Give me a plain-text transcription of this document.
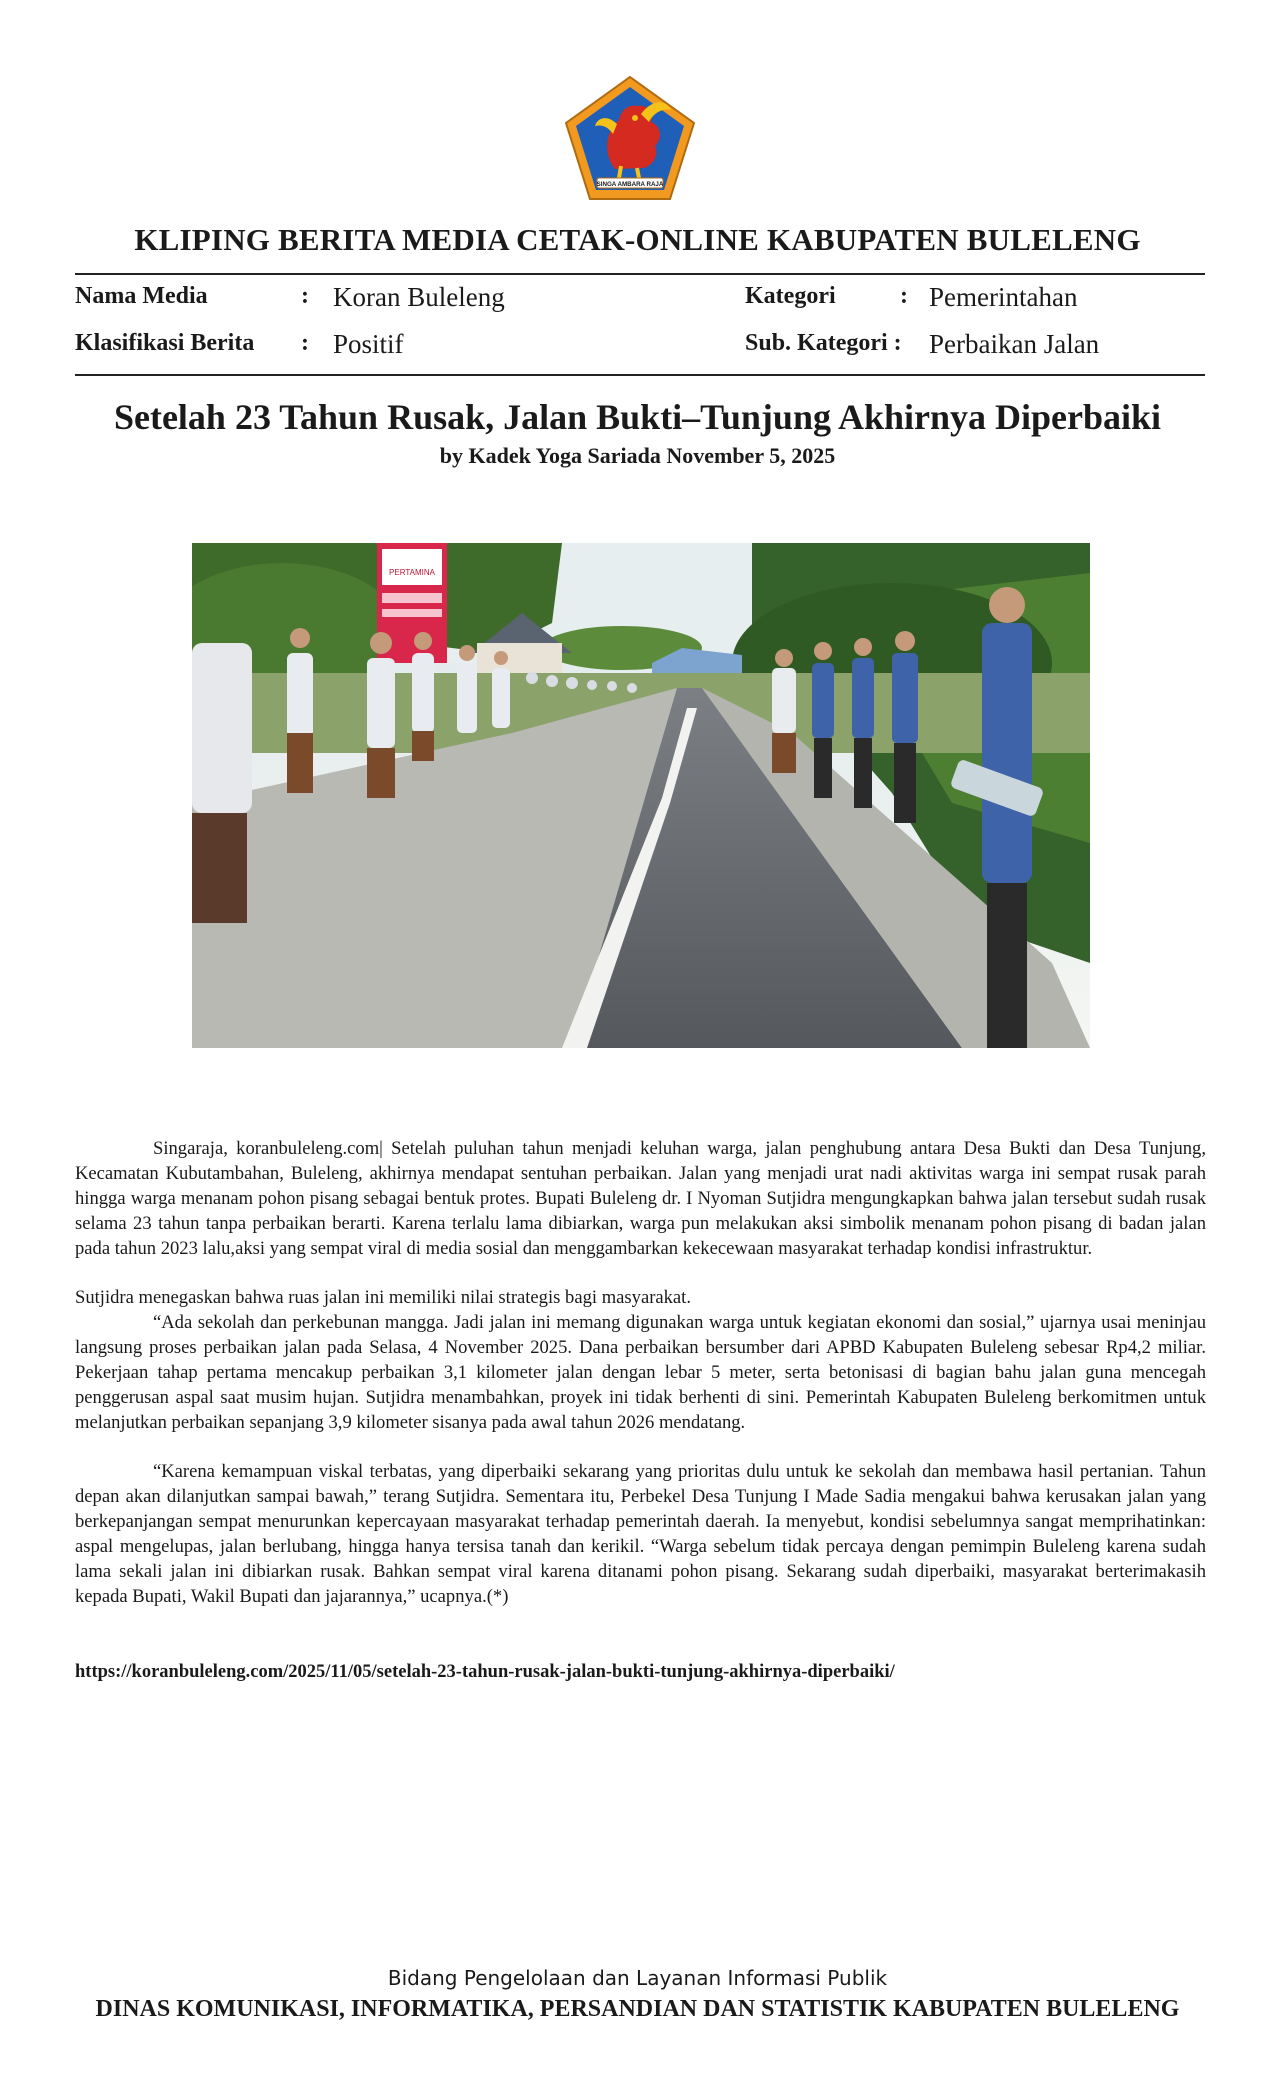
SINGA AMBARA RAJA
KLIPING BERITA MEDIA CETAK-ONLINE KABUPATEN BULELENG
Nama Media	: Koran Buleleng	Kategori	: Pemerintahan
Klasifikasi Berita : Positif	Sub. Kategori : Perbaikan Jalan
Setelah 23 Tahun Rusak, Jalan Bukti–Tunjung Akhirnya Diperbaiki
by Kadek Yoga Sariada November 5, 2025
PERTAMINA

Singaraja, koranbuleleng.com| Setelah puluhan tahun menjadi keluhan warga, jalan penghubung antara Desa Bukti dan Desa Tunjung, Kecamatan Kubutambahan, Buleleng, akhirnya mendapat sentuhan perbaikan. Jalan yang menjadi urat nadi aktivitas warga ini sempat rusak parah hingga warga menanam pohon pisang sebagai bentuk protes. Bupati Buleleng dr. I Nyoman Sutjidra mengungkapkan bahwa jalan tersebut sudah rusak selama 23 tahun tanpa perbaikan berarti. Karena terlalu lama dibiarkan, warga pun melakukan aksi simbolik menanam pohon pisang di badan jalan pada tahun 2023 lalu,aksi yang sempat viral di media sosial dan menggambarkan kekecewaan masyarakat terhadap kondisi infrastruktur.

Sutjidra menegaskan bahwa ruas jalan ini memiliki nilai strategis bagi masyarakat.

“Ada sekolah dan perkebunan mangga. Jadi jalan ini memang digunakan warga untuk kegiatan ekonomi dan sosial,” ujarnya usai meninjau langsung proses perbaikan jalan pada Selasa, 4 November 2025. Dana perbaikan bersumber dari APBD Kabupaten Buleleng sebesar Rp4,2 miliar. Pekerjaan tahap pertama mencakup perbaikan 3,1 kilometer jalan dengan lebar 5 meter, serta betonisasi di bagian bahu jalan guna mencegah penggerusan aspal saat musim hujan. Sutjidra menambahkan, proyek ini tidak berhenti di sini. Pemerintah Kabupaten Buleleng berkomitmen untuk melanjutkan perbaikan sepanjang 3,9 kilometer sisanya pada awal tahun 2026 mendatang.

“Karena kemampuan viskal terbatas, yang diperbaiki sekarang yang prioritas dulu untuk ke sekolah dan membawa hasil pertanian. Tahun depan akan dilanjutkan sampai bawah,” terang Sutjidra. Sementara itu, Perbekel Desa Tunjung I Made Sadia mengakui bahwa kerusakan jalan yang berkepanjangan sempat menurunkan kepercayaan masyarakat terhadap pemerintah daerah. Ia menyebut, kondisi sebelumnya sangat memprihatinkan: aspal mengelupas, jalan berlubang, hingga hanya tersisa tanah dan kerikil. “Warga sebelum tidak percaya dengan pemimpin Buleleng karena sudah lama sekali jalan ini dibiarkan rusak. Bahkan sempat viral karena ditanami pohon pisang. Sekarang sudah diperbaiki, masyarakat berterimakasih kepada Bupati, Wakil Bupati dan jajarannya,” ucapnya.(*)

https://koranbuleleng.com/2025/11/05/setelah-23-tahun-rusak-jalan-bukti-tunjung-akhirnya-diperbaiki/
Bidang Pengelolaan dan Layanan Informasi Publik
DINAS KOMUNIKASI, INFORMATIKA, PERSANDIAN DAN STATISTIK KABUPATEN BULELENG
